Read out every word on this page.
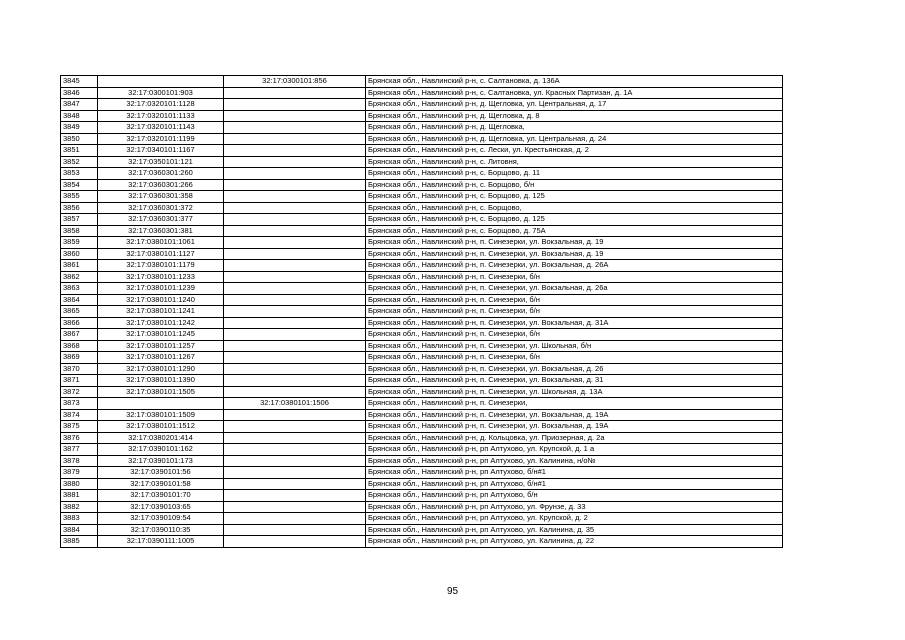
3845		32:17:0300101:856	Брянская обл., Навлинский р-н, с. Салтановка, д. 136А
3846	32:17:0300101:903		Брянская обл., Навлинский р-н, с. Салтановка, ул. Красных Партизан, д. 1А
3847	32:17:0320101:1128		Брянская обл., Навлинский р-н, д. Щегловка, ул. Центральная, д. 17
3848	32:17:0320101:1133		Брянская обл., Навлинский р-н, д. Щегловка, д. 8
3849	32:17:0320101:1143		Брянская обл., Навлинский р-н, д. Щегловка,
3850	32:17:0320101:1199		Брянская обл., Навлинский р-н, д. Щегловка, ул. Центральная, д. 24
3851	32:17:0340101:1167		Брянская обл., Навлинский р-н, с. Лески, ул. Крестьянская, д. 2
3852	32:17:0350101:121		Брянская обл., Навлинский р-н, с. Литовня,
3853	32:17:0360301:260		Брянская обл., Навлинский р-н, с. Борщово, д. 11
3854	32:17:0360301:266		Брянская обл., Навлинский р-н, с. Борщово, б/н
3855	32:17:0360301:358		Брянская обл., Навлинский р-н, с. Борщово, д. 125
3856	32:17:0360301:372		Брянская обл., Навлинский р-н, с. Борщово,
3857	32:17:0360301:377		Брянская обл., Навлинский р-н, с. Борщово, д. 125
3858	32:17:0360301:381		Брянская обл., Навлинский р-н, с. Борщово, д. 75А
3859	32:17:0380101:1061		Брянская обл., Навлинский р-н, п. Синезерки, ул. Вокзальная, д. 19
3860	32:17:0380101:1127		Брянская обл., Навлинский р-н, п. Синезерки, ул. Вокзальная, д. 19
3861	32:17:0380101:1179		Брянская обл., Навлинский р-н, п. Синезерки, ул. Вокзальная, д. 26А
3862	32:17:0380101:1233		Брянская обл., Навлинский р-н, п. Синезерки, б/н
3863	32:17:0380101:1239		Брянская обл., Навлинский р-н, п. Синезерки, ул. Вокзальная, д. 26а
3864	32:17:0380101:1240		Брянская обл., Навлинский р-н, п. Синезерки, б/н
3865	32:17:0380101:1241		Брянская обл., Навлинский р-н, п. Синезерки, б/н
3866	32:17:0380101:1242		Брянская обл., Навлинский р-н, п. Синезерки, ул. Вокзальная, д. 31А
3867	32:17:0380101:1245		Брянская обл., Навлинский р-н, п. Синезерки, б/н
3868	32:17:0380101:1257		Брянская обл., Навлинский р-н, п. Синезерки, ул. Школьная, б/н
3869	32:17:0380101:1267		Брянская обл., Навлинский р-н, п. Синезерки, б/н
3870	32:17:0380101:1290		Брянская обл., Навлинский р-н, п. Синезерки, ул. Вокзальная, д. 26
3871	32:17:0380101:1390		Брянская обл., Навлинский р-н, п. Синезерки, ул. Вокзальная, д. 31
3872	32:17:0380101:1505		Брянская обл., Навлинский р-н, п. Синезерки, ул. Школьная, д. 13А
3873		32:17:0380101:1506	Брянская обл., Навлинский р-н, п. Синезерки,
3874	32:17:0380101:1509		Брянская обл., Навлинский р-н, п. Синезерки, ул. Вокзальная, д. 19А
3875	32:17:0380101:1512		Брянская обл., Навлинский р-н, п. Синезерки, ул. Вокзальная, д. 19А
3876	32:17:0380201:414		Брянская обл., Навлинский р-н, д. Кольцовка, ул. Приозерная, д. 2а
3877	32:17:0390101:162		Брянская обл., Навлинский р-н, рп Алтухово, ул. Крупской, д. 1 а
3878	32:17:0390101:173		Брянская обл., Навлинский р-н, рп Алтухово, ул. Калинина, н/о№
3879	32:17:0390101:56		Брянская обл., Навлинский р-н, рп Алтухово, б/н#1
3880	32:17:0390101:58		Брянская обл., Навлинский р-н, рп Алтухово, б/н#1
3881	32:17:0390101:70		Брянская обл., Навлинский р-н, рп Алтухово, б/н
3882	32:17:0390103:65		Брянская обл., Навлинский р-н, рп Алтухово, ул. Фрунзе, д. 33
3883	32:17:0390109:54		Брянская обл., Навлинский р-н, рп Алтухово, ул. Крупской, д. 2
3884	32:17:0390110:35		Брянская обл., Навлинский р-н, рп Алтухово, ул. Калинина, д. 35
3885	32:17:0390111:1005		Брянская обл., Навлинский р-н, рп Алтухово, ул. Калинина, д. 22
95
